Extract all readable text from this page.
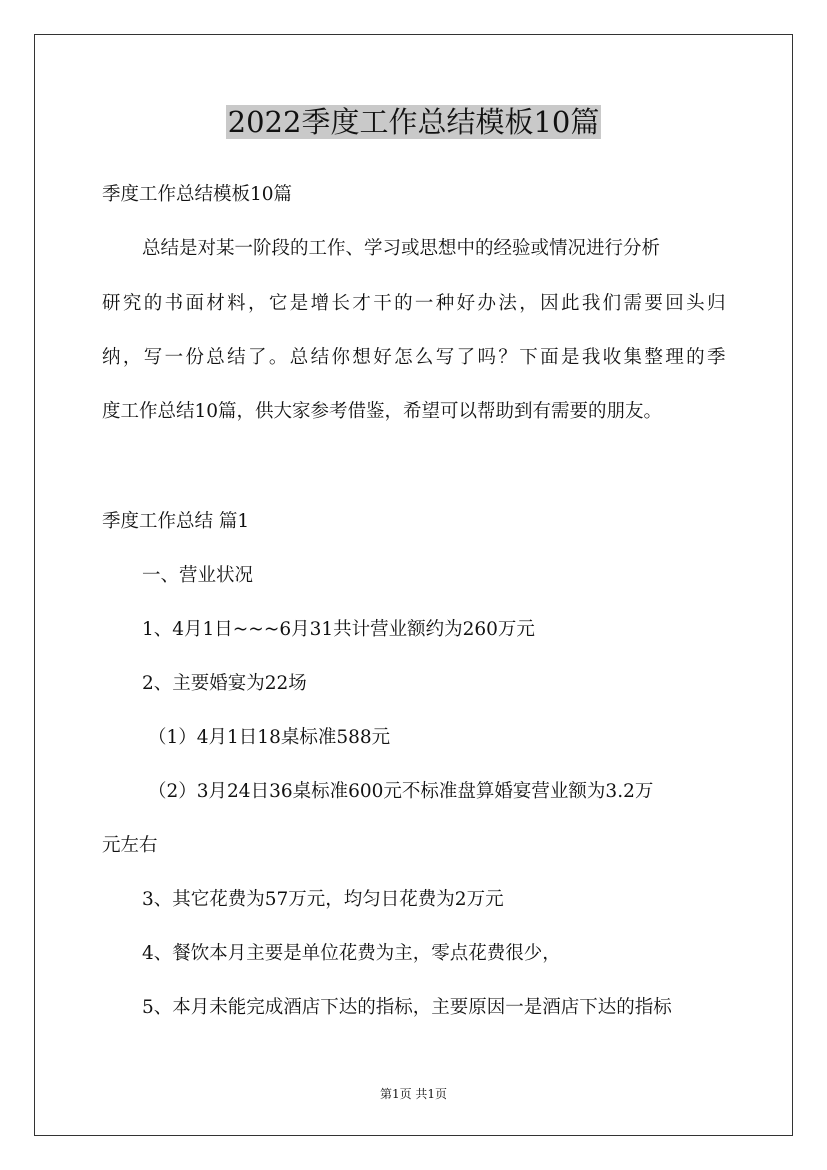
2022季度工作总结模板10篇

季度工作总结模板10篇

总结是对某一阶段的工作、学习或思想中的经验或情况进行分析

研究的书面材料，它是增长才干的一种好办法，因此我们需要回头归

纳，写一份总结了。总结你想好怎么写了吗？下面是我收集整理的季

度工作总结10篇，供大家参考借鉴，希望可以帮助到有需要的朋友。

季度工作总结 篇1

一、营业状况

1、4月1日~~~6月31共计营业额约为260万元

2、主要婚宴为22场

（1）4月1日18桌标准588元

（2）3月24日36桌标准600元不标准盘算婚宴营业额为3.2万

元左右

3、其它花费为57万元，均匀日花费为2万元

4、餐饮本月主要是单位花费为主，零点花费很少，

5、本月未能完成酒店下达的指标，主要原因一是酒店下达的指标

第1页 共1页
